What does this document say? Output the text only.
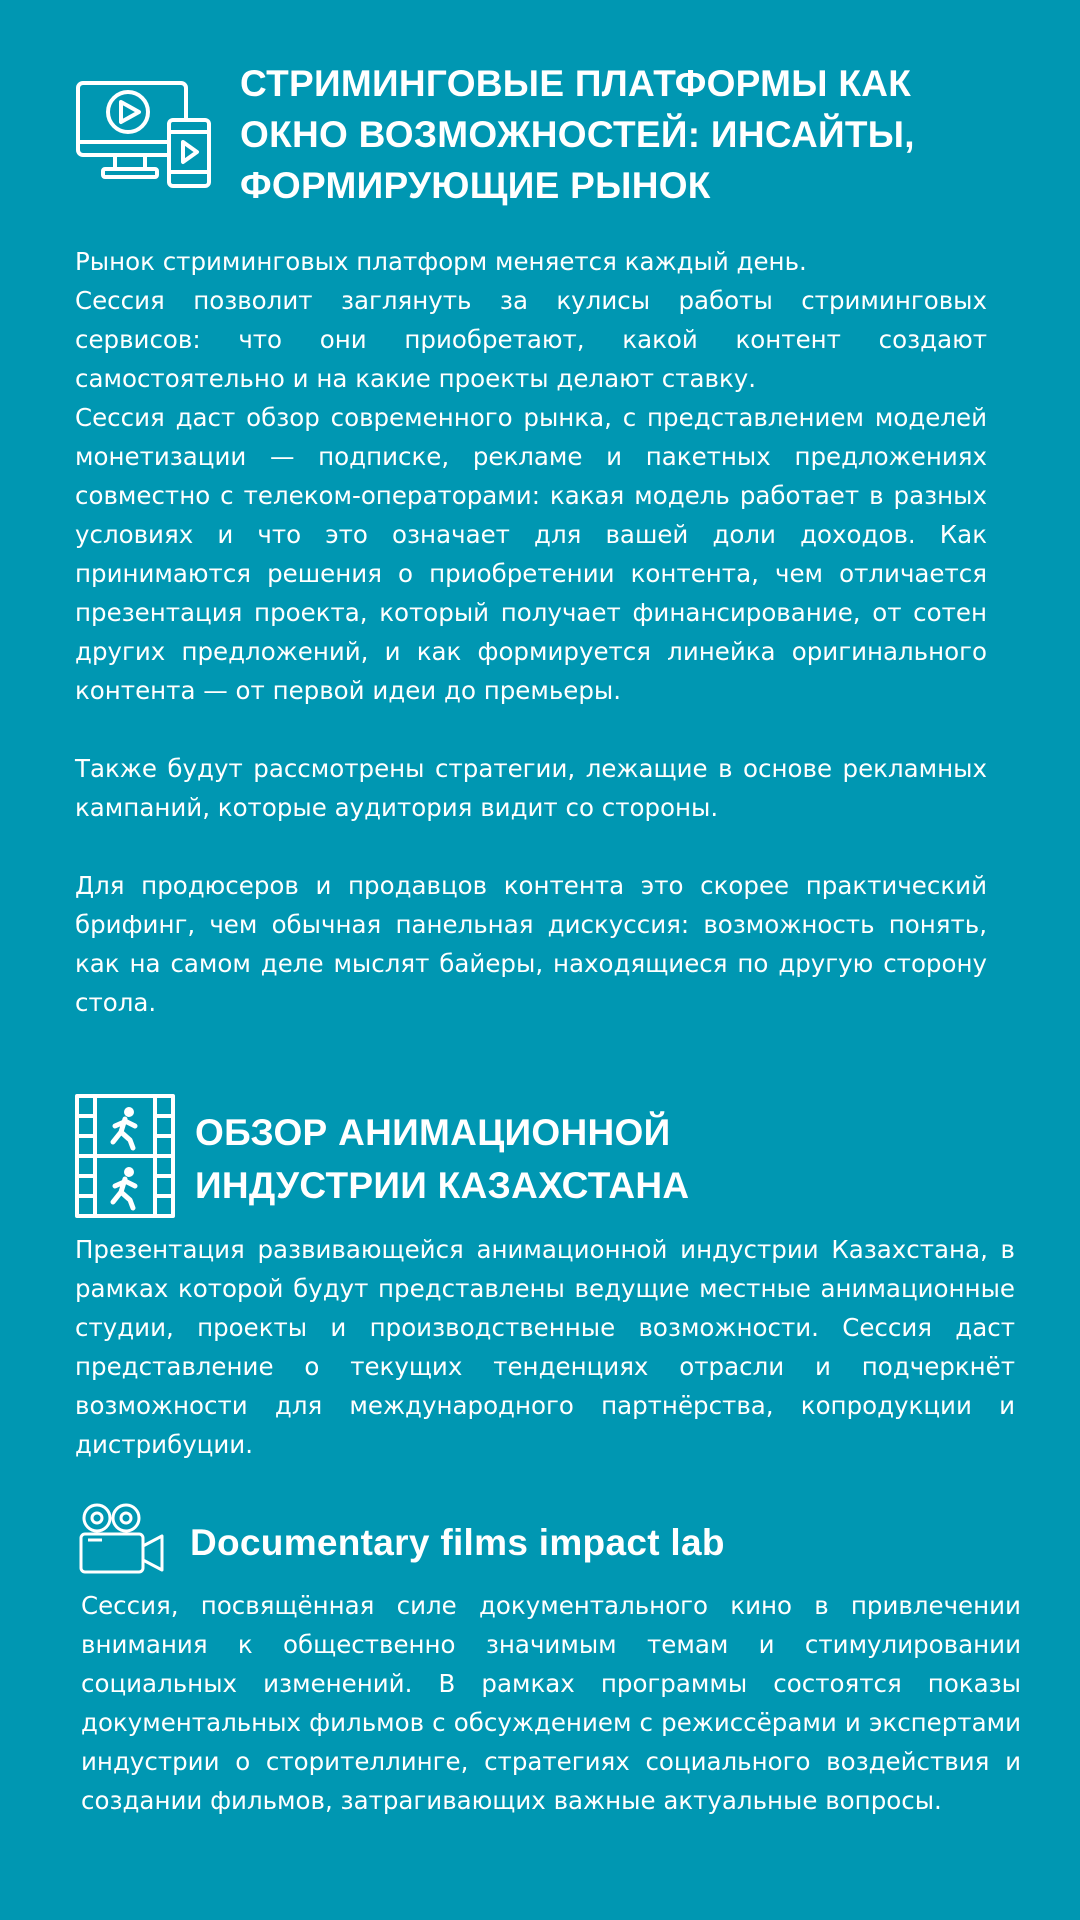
СТРИМИНГОВЫЕ ПЛАТФОРМЫ КАК
ОКНО ВОЗМОЖНОСТЕЙ: ИНСАЙТЫ,
ФОРМИРУЮЩИЕ РЫНОК

Рынок стриминговых платформ меняется каждый день.

Сессия позволит заглянуть за кулисы работы стриминговых сервисов: что они приобретают, какой контент создают самостоятельно и на какие проекты делают ставку.

Сессия даст обзор современного рынка, с представлением моделей монетизации — подписке, рекламе и пакетных предложениях совместно с телеком-операторами: какая модель работает в разных условиях и что это означает для вашей доли доходов. Как принимаются решения о приобретении контента, чем отличается презентация проекта, который получает финансирование, от сотен других предложений, и как формируется линейка оригинального контента — от первой идеи до премьеры.

Также будут рассмотрены стратегии, лежащие в основе рекламных кампаний, которые аудитория видит со стороны.

Для продюсеров и продавцов контента это скорее практический брифинг, чем обычная панельная дискуссия: возможность понять, как на самом деле мыслят байеры, находящиеся по другую сторону стола.

ОБЗОР АНИМАЦИОННОЙ
ИНДУСТРИИ КАЗАХСТАНА

Презентация развивающейся анимационной индустрии Казахстана, в рамках которой будут представлены ведущие местные анимационные студии, проекты и производственные возможности. Сессия даст представление о текущих тенденциях отрасли и подчеркнёт возможности для международного партнёрства, копродукции и дистрибуции.

Documentary films impact lab

Сессия, посвящённая силе документального кино в привлечении внимания к общественно значимым темам и стимулировании социальных изменений. В рамках программы состоятся показы документальных фильмов с обсуждением с режиссёрами и экспертами индустрии о сторителлинге, стратегиях социального воздействия и создании фильмов, затрагивающих важные актуальные вопросы.
